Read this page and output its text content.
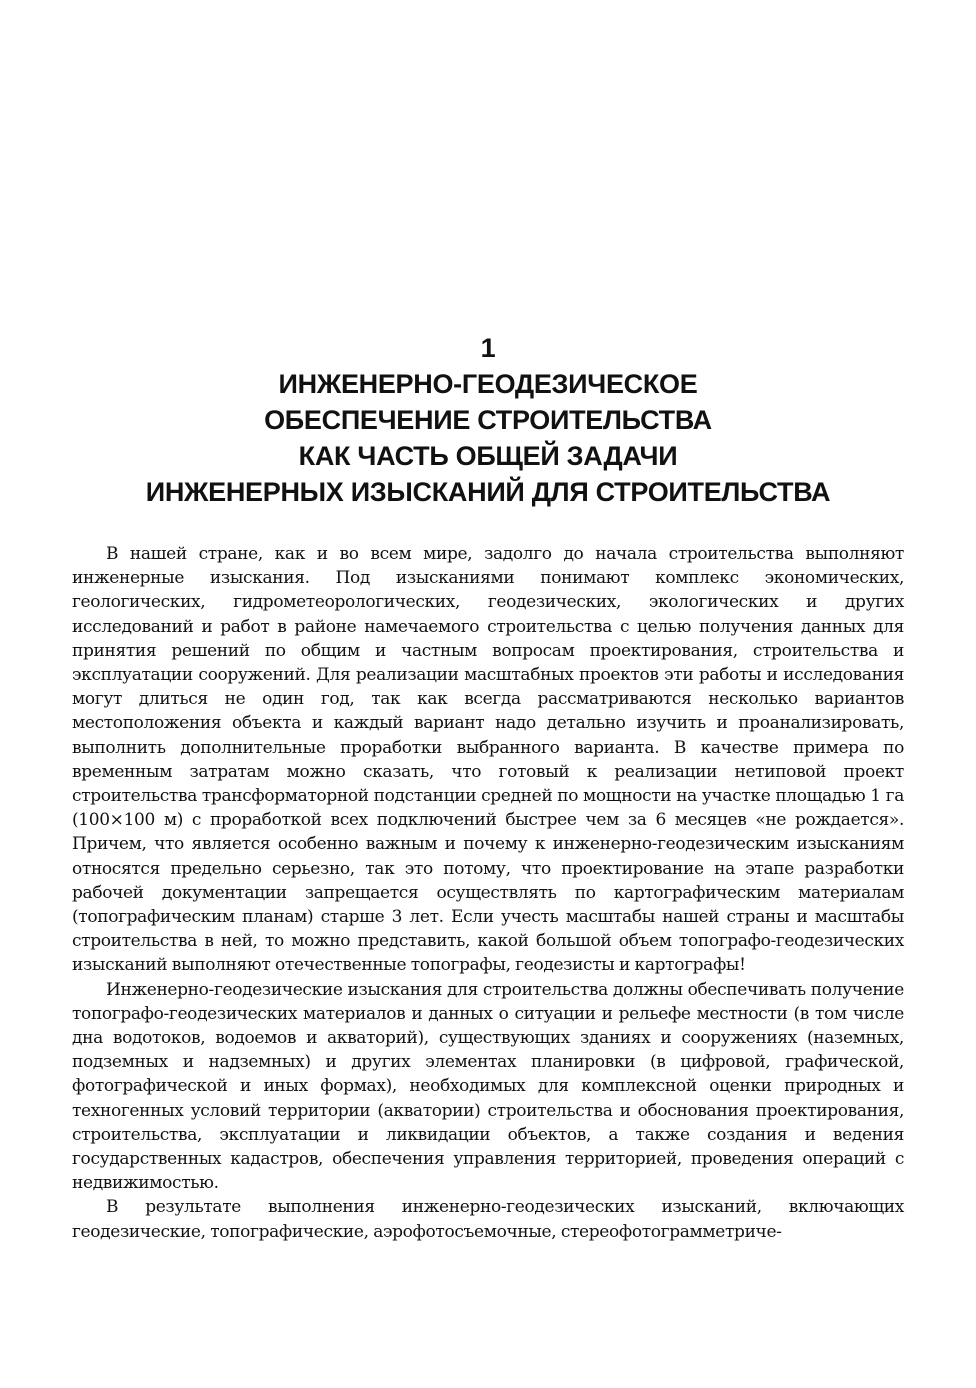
1
ИНЖЕНЕРНО-ГЕОДЕЗИЧЕСКОЕ
ОБЕСПЕЧЕНИЕ СТРОИТЕЛЬСТВА
КАК ЧАСТЬ ОБЩЕЙ ЗАДАЧИ
ИНЖЕНЕРНЫХ ИЗЫСКАНИЙ ДЛЯ СТРОИТЕЛЬСТВА

В нашей стране, как и во всем мире, задолго до начала строительства выполняют инженерные изыскания. Под изысканиями понимают комплекс экономических, геологических, гидрометеорологических, геодезических, экологических и других исследований и работ в районе намечаемого строительства с целью получения данных для принятия решений по общим и частным вопросам проектирования, строительства и эксплуатации сооружений. Для реализации масштабных проектов эти работы и исследования могут длиться не один год, так как всегда рассматриваются несколько вариантов местоположения объекта и каждый вариант надо детально изучить и проанализировать, выполнить дополнительные проработки выбранного варианта. В качестве примера по временным затратам можно сказать, что готовый к реализации нетиповой проект строительства трансформаторной подстанции средней по мощности на участке площадью 1 га (100×100 м) с проработкой всех подключений быстрее чем за 6 месяцев «не рождается». Причем, что является особенно важным и почему к инженерно-геодезическим изысканиям относятся предельно серьезно, так это потому, что проектирование на этапе разработки рабочей документации запрещается осуществлять по картографическим материалам (топографическим планам) старше 3 лет. Если учесть масштабы нашей страны и масштабы строительства в ней, то можно представить, какой большой объем топографо-геодезических изысканий выполняют отечественные топографы, геодезисты и картографы!

Инженерно-геодезические изыскания для строительства должны обеспечивать получение топографо-геодезических материалов и данных о ситуации и рельефе местности (в том числе дна водотоков, водоемов и акваторий), существующих зданиях и сооружениях (наземных, подземных и надземных) и других элементах планировки (в цифровой, графической, фотографической и иных формах), необходимых для комплексной оценки природных и техногенных условий территории (акватории) строительства и обоснования проектирования, строительства, эксплуатации и ликвидации объектов, а также создания и ведения государственных кадастров, обеспечения управления территорией, проведения операций с недвижимостью.

В результате выполнения инженерно-геодезических изысканий, включающих геодезические, топографические, аэрофотосъемочные, стереофотограмметриче-
